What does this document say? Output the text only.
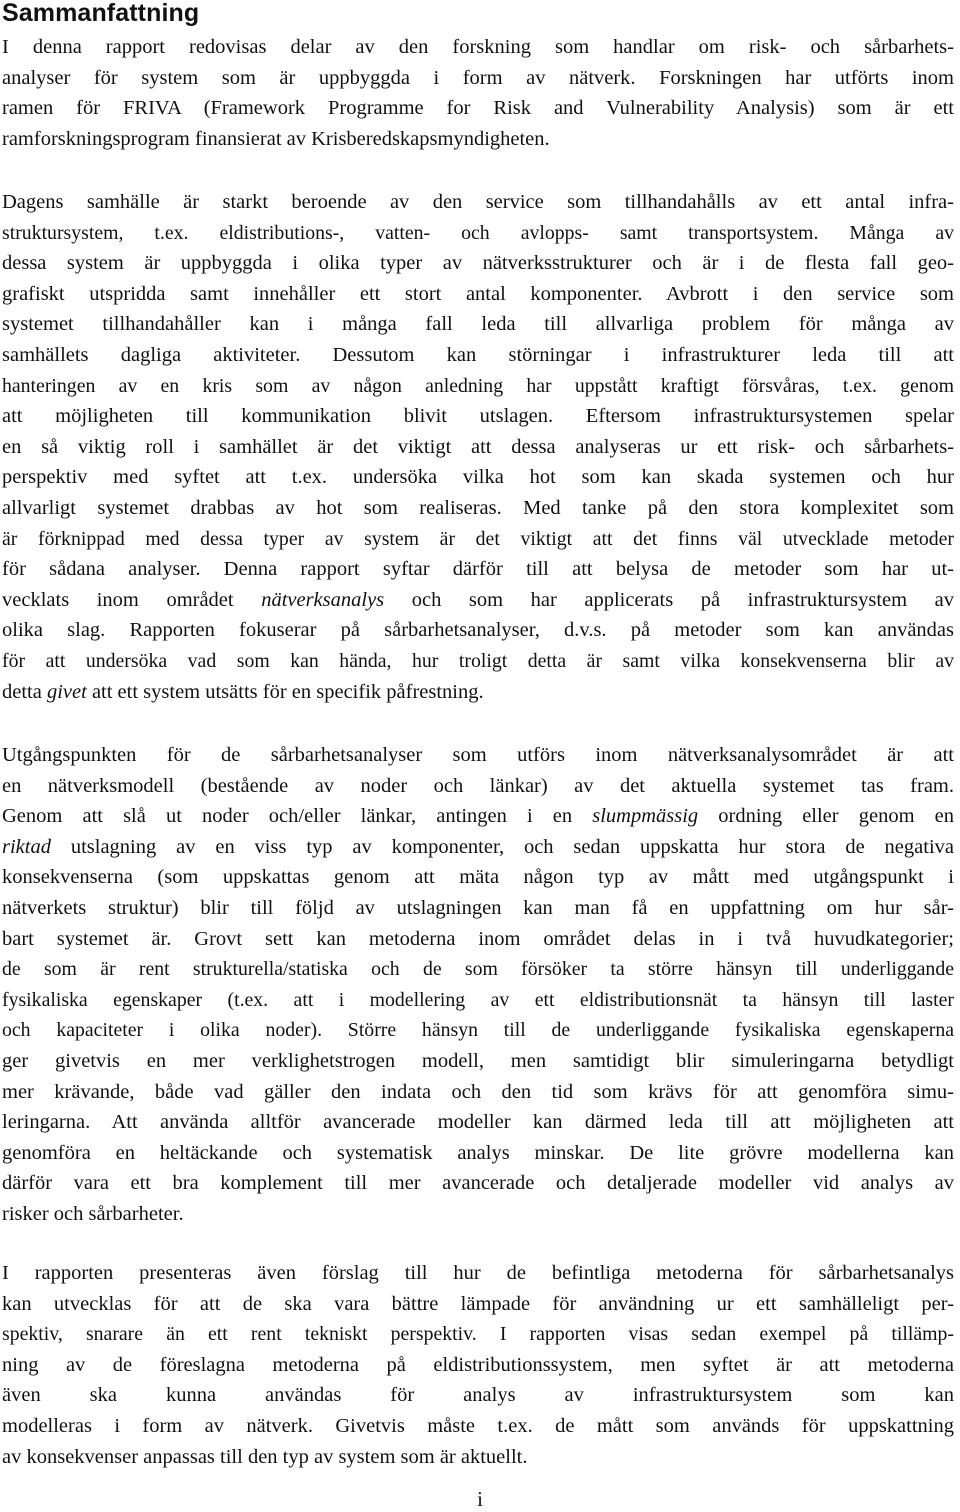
Sammanfattning
I denna rapport redovisas delar av den forskning som handlar om risk- och sårbarhets-
analyser för system som är uppbyggda i form av nätverk. Forskningen har utförts inom
ramen för FRIVA (Framework Programme for Risk and Vulnerability Analysis) som är ett
ramforskningsprogram finansierat av Krisberedskapsmyndigheten.
Dagens samhälle är starkt beroende av den service som tillhandahålls av ett antal infra-
struktursystem, t.ex. eldistributions-, vatten- och avlopps- samt transportsystem. Många av
dessa system är uppbyggda i olika typer av nätverksstrukturer och är i de flesta fall geo-
grafiskt utspridda samt innehåller ett stort antal komponenter. Avbrott i den service som
systemet tillhandahåller kan i många fall leda till allvarliga problem för många av
samhällets dagliga aktiviteter. Dessutom kan störningar i infrastrukturer leda till att
hanteringen av en kris som av någon anledning har uppstått kraftigt försvåras, t.ex. genom
att möjligheten till kommunikation blivit utslagen. Eftersom infrastruktursystemen spelar
en så viktig roll i samhället är det viktigt att dessa analyseras ur ett risk- och sårbarhets-
perspektiv med syftet att t.ex. undersöka vilka hot som kan skada systemen och hur
allvarligt systemet drabbas av hot som realiseras. Med tanke på den stora komplexitet som
är förknippad med dessa typer av system är det viktigt att det finns väl utvecklade metoder
för sådana analyser. Denna rapport syftar därför till att belysa de metoder som har ut-
vecklats inom området nätverksanalys och som har applicerats på infrastruktursystem av
olika slag. Rapporten fokuserar på sårbarhetsanalyser, d.v.s. på metoder som kan användas
för att undersöka vad som kan hända, hur troligt detta är samt vilka konsekvenserna blir av
detta givet att ett system utsätts för en specifik påfrestning.
Utgångspunkten för de sårbarhetsanalyser som utförs inom nätverksanalysområdet är att
en nätverksmodell (bestående av noder och länkar) av det aktuella systemet tas fram.
Genom att slå ut noder och/eller länkar, antingen i en slumpmässig ordning eller genom en
riktad utslagning av en viss typ av komponenter, och sedan uppskatta hur stora de negativa
konsekvenserna (som uppskattas genom att mäta någon typ av mått med utgångspunkt i
nätverkets struktur) blir till följd av utslagningen kan man få en uppfattning om hur sår-
bart systemet är. Grovt sett kan metoderna inom området delas in i två huvudkategorier;
de som är rent strukturella/statiska och de som försöker ta större hänsyn till underliggande
fysikaliska egenskaper (t.ex. att i modellering av ett eldistributionsnät ta hänsyn till laster
och kapaciteter i olika noder). Större hänsyn till de underliggande fysikaliska egenskaperna
ger givetvis en mer verklighetstrogen modell, men samtidigt blir simuleringarna betydligt
mer krävande, både vad gäller den indata och den tid som krävs för att genomföra simu-
leringarna. Att använda alltför avancerade modeller kan därmed leda till att möjligheten att
genomföra en heltäckande och systematisk analys minskar. De lite grövre modellerna kan
därför vara ett bra komplement till mer avancerade och detaljerade modeller vid analys av
risker och sårbarheter.
I rapporten presenteras även förslag till hur de befintliga metoderna för sårbarhetsanalys
kan utvecklas för att de ska vara bättre lämpade för användning ur ett samhälleligt per-
spektiv, snarare än ett rent tekniskt perspektiv. I rapporten visas sedan exempel på tillämp-
ning av de föreslagna metoderna på eldistributionssystem, men syftet är att metoderna
även ska kunna användas för analys av infrastruktursystem som kan
modelleras i form av nätverk. Givetvis måste t.ex. de mått som används för uppskattning
av konsekvenser anpassas till den typ av system som är aktuellt.
i
